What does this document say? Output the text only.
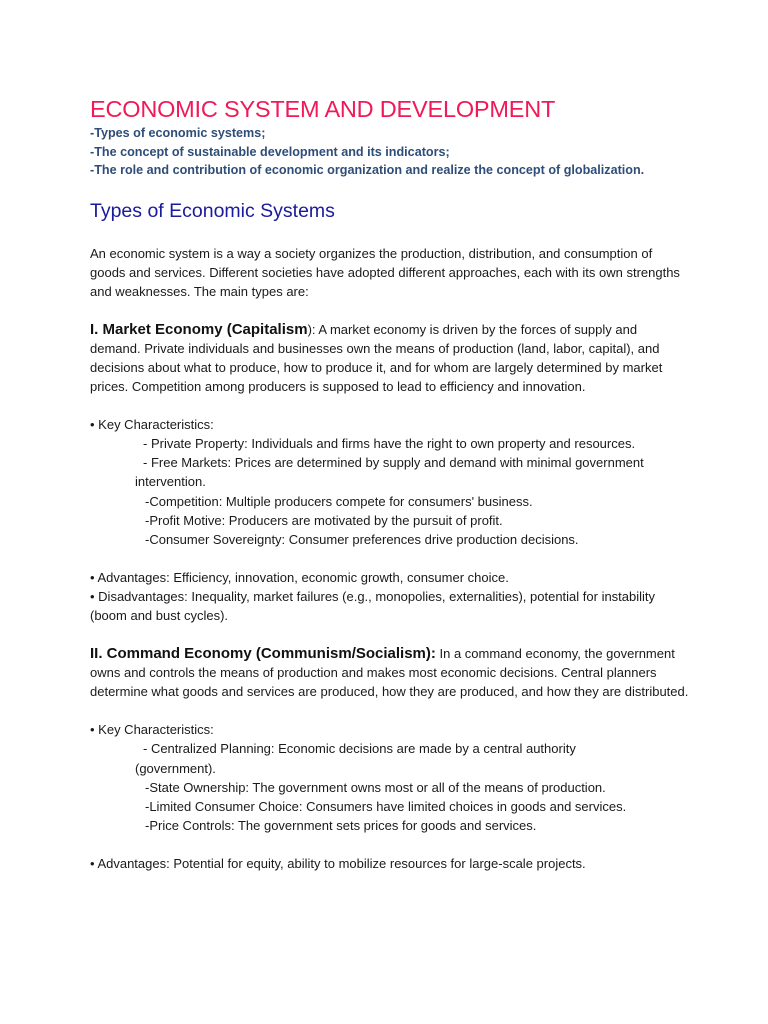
ECONOMIC SYSTEM AND DEVELOPMENT
-Types of economic systems;
-The concept of sustainable development and its indicators;
-The role and contribution of economic organization and realize the concept of globalization.
Types of Economic Systems

An economic system is a way a society organizes the production, distribution, and consumption of goods and services. Different societies have adopted different approaches, each with its own strengths and weaknesses. The main types are:

I. Market Economy (Capitalism): A market economy is driven by the forces of supply and demand. Private individuals and businesses own the means of production (land, labor, capital), and decisions about what to produce, how to produce it, and for whom are largely determined by market prices. Competition among producers is supposed to lead to efficiency and innovation.

• Key Characteristics:
- Private Property: Individuals and firms have the right to own property and resources.
- Free Markets: Prices are determined by supply and demand with minimal government
intervention.
-Competition: Multiple producers compete for consumers' business.
-Profit Motive: Producers are motivated by the pursuit of profit.
-Consumer Sovereignty: Consumer preferences drive production decisions.
• Advantages: Efficiency, innovation, economic growth, consumer choice.
• Disadvantages: Inequality, market failures (e.g., monopolies, externalities), potential for instability (boom and bust cycles).

II. Command Economy (Communism/Socialism): In a command economy, the government owns and controls the means of production and makes most economic decisions. Central planners determine what goods and services are produced, how they are produced, and how they are distributed.

• Key Characteristics:
- Centralized Planning: Economic decisions are made by a central authority
(government).
-State Ownership: The government owns most or all of the means of production.
-Limited Consumer Choice: Consumers have limited choices in goods and services.
-Price Controls: The government sets prices for goods and services.
• Advantages: Potential for equity, ability to mobilize resources for large-scale projects.
